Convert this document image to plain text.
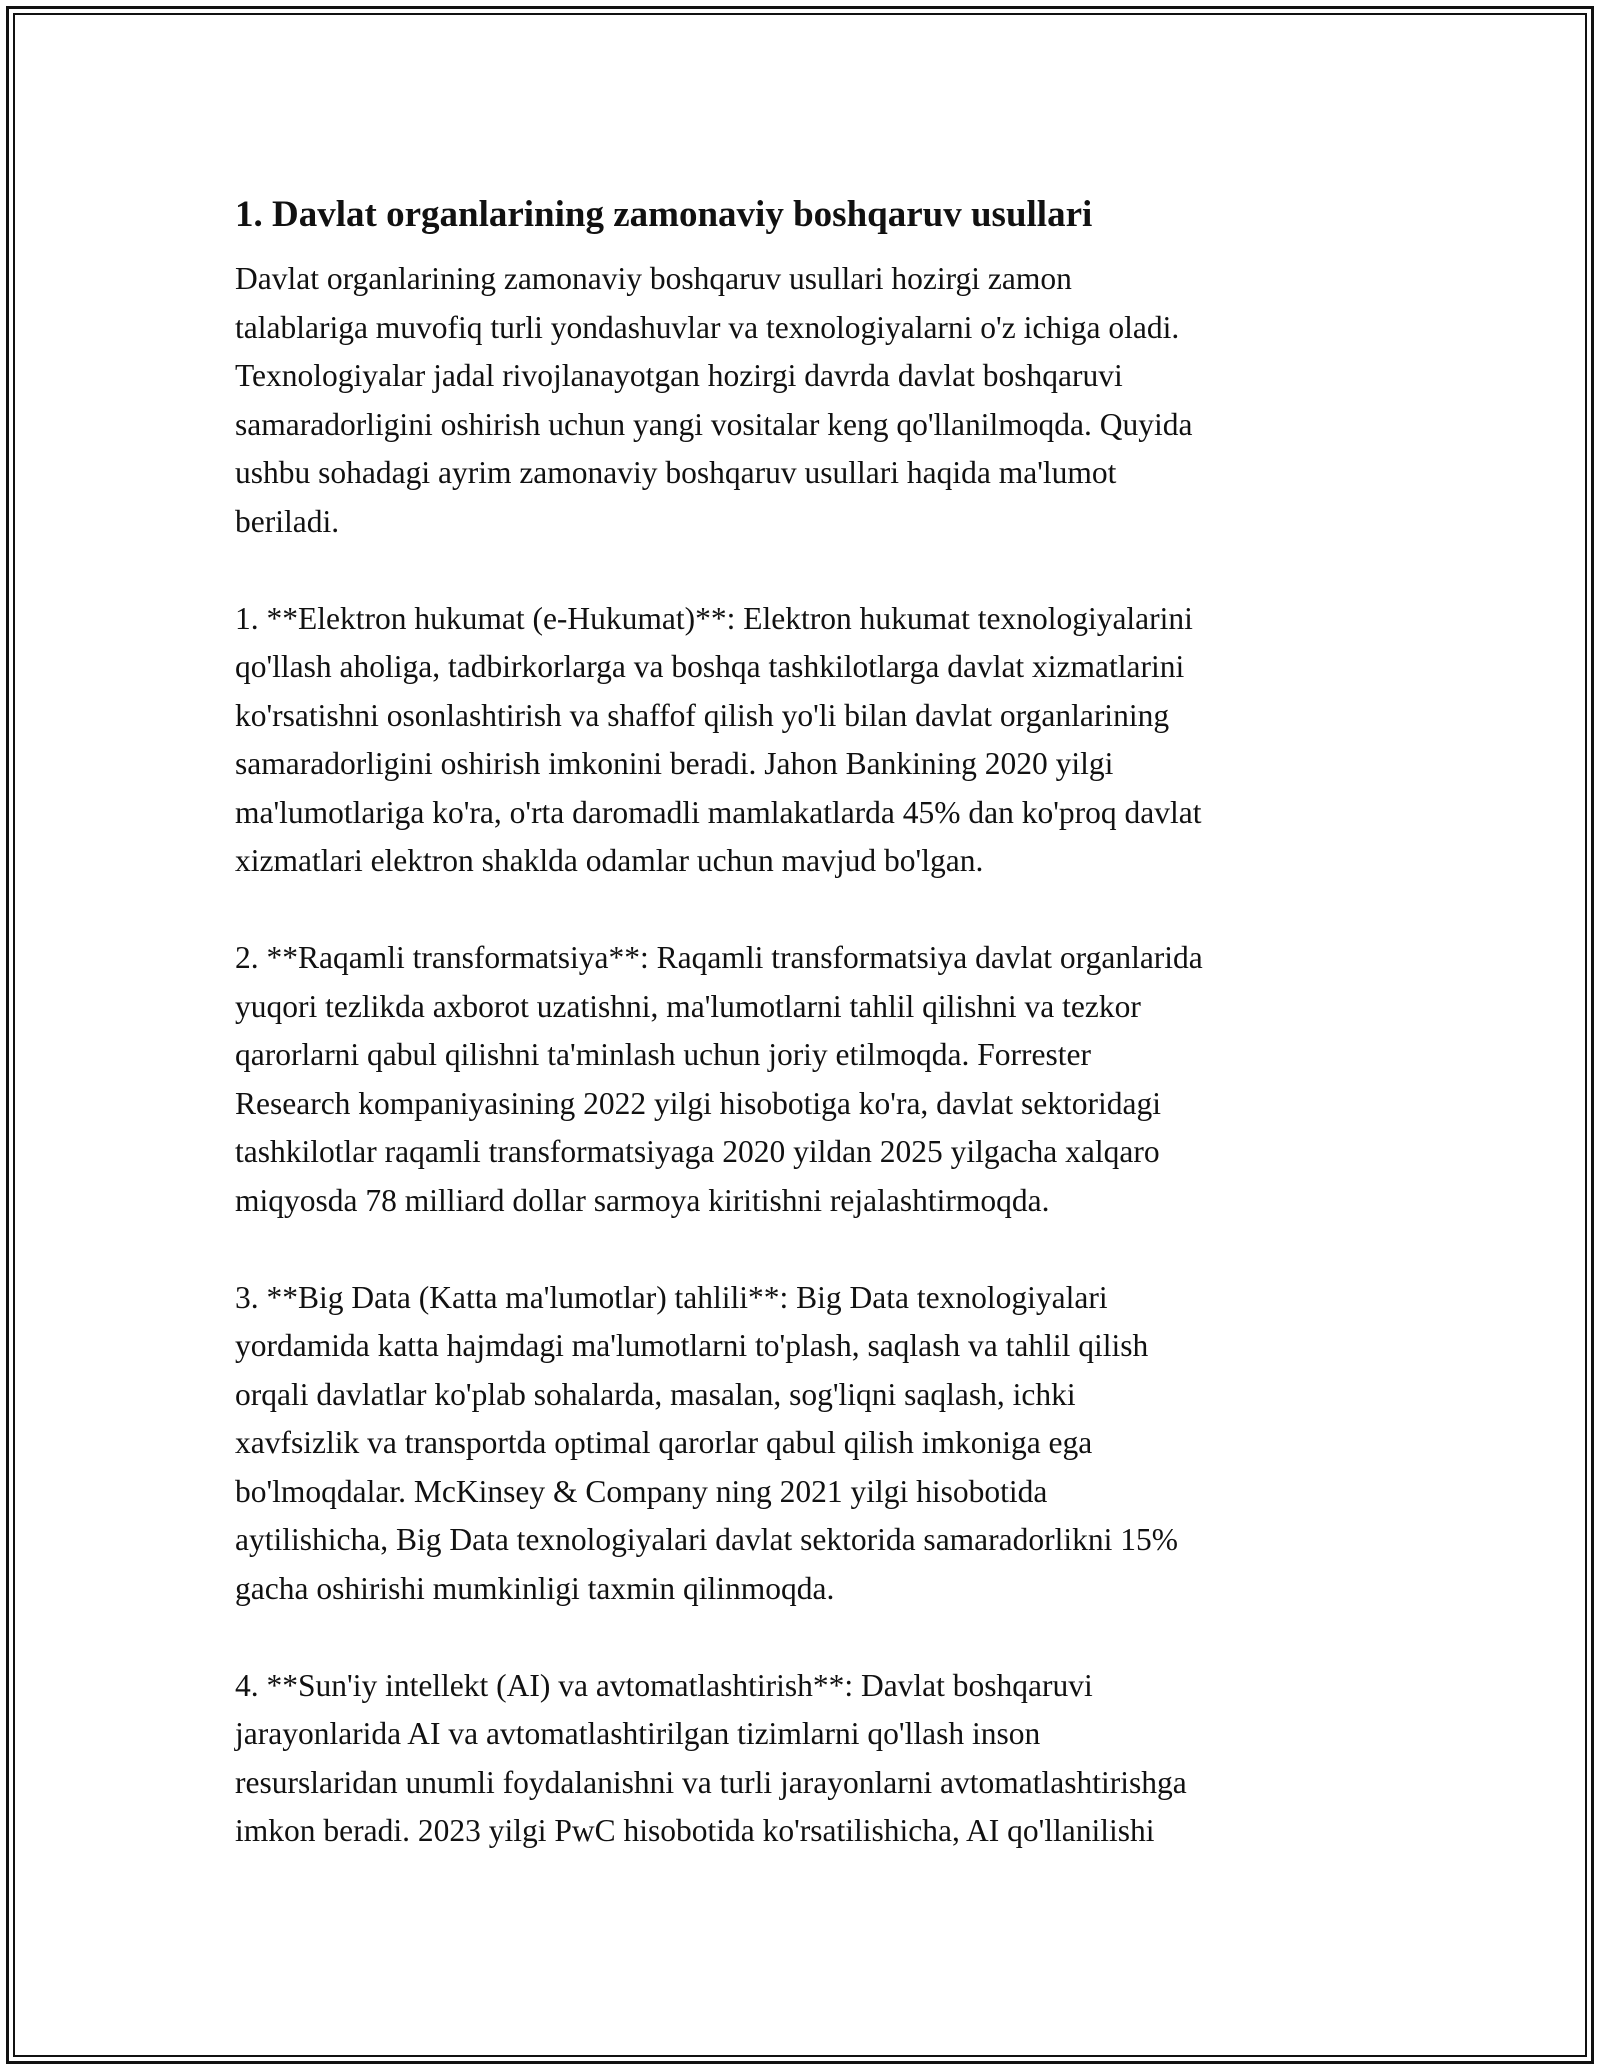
1. Davlat organlarining zamonaviy boshqaruv usullari
Davlat organlarining zamonaviy boshqaruv usullari hozirgi zamon
talablariga muvofiq turli yondashuvlar va texnologiyalarni o'z ichiga oladi.
Texnologiyalar jadal rivojlanayotgan hozirgi davrda davlat boshqaruvi
samaradorligini oshirish uchun yangi vositalar keng qo'llanilmoqda. Quyida
ushbu sohadagi ayrim zamonaviy boshqaruv usullari haqida ma'lumot
beriladi.
1. **Elektron hukumat (e-Hukumat)**: Elektron hukumat texnologiyalarini
qo'llash aholiga, tadbirkorlarga va boshqa tashkilotlarga davlat xizmatlarini
ko'rsatishni osonlashtirish va shaffof qilish yo'li bilan davlat organlarining
samaradorligini oshirish imkonini beradi. Jahon Bankining 2020 yilgi
ma'lumotlariga ko'ra, o'rta daromadli mamlakatlarda 45% dan ko'proq davlat
xizmatlari elektron shaklda odamlar uchun mavjud bo'lgan.
2. **Raqamli transformatsiya**: Raqamli transformatsiya davlat organlarida
yuqori tezlikda axborot uzatishni, ma'lumotlarni tahlil qilishni va tezkor
qarorlarni qabul qilishni ta'minlash uchun joriy etilmoqda. Forrester
Research kompaniyasining 2022 yilgi hisobotiga ko'ra, davlat sektoridagi
tashkilotlar raqamli transformatsiyaga 2020 yildan 2025 yilgacha xalqaro
miqyosda 78 milliard dollar sarmoya kiritishni rejalashtirmoqda.
3. **Big Data (Katta ma'lumotlar) tahlili**: Big Data texnologiyalari
yordamida katta hajmdagi ma'lumotlarni to'plash, saqlash va tahlil qilish
orqali davlatlar ko'plab sohalarda, masalan, sog'liqni saqlash, ichki
xavfsizlik va transportda optimal qarorlar qabul qilish imkoniga ega
bo'lmoqdalar. McKinsey & Company ning 2021 yilgi hisobotida
aytilishicha, Big Data texnologiyalari davlat sektorida samaradorlikni 15%
gacha oshirishi mumkinligi taxmin qilinmoqda.
4. **Sun'iy intellekt (AI) va avtomatlashtirish**: Davlat boshqaruvi
jarayonlarida AI va avtomatlashtirilgan tizimlarni qo'llash inson
resurslaridan unumli foydalanishni va turli jarayonlarni avtomatlashtirishga
imkon beradi. 2023 yilgi PwC hisobotida ko'rsatilishicha, AI qo'llanilishi
